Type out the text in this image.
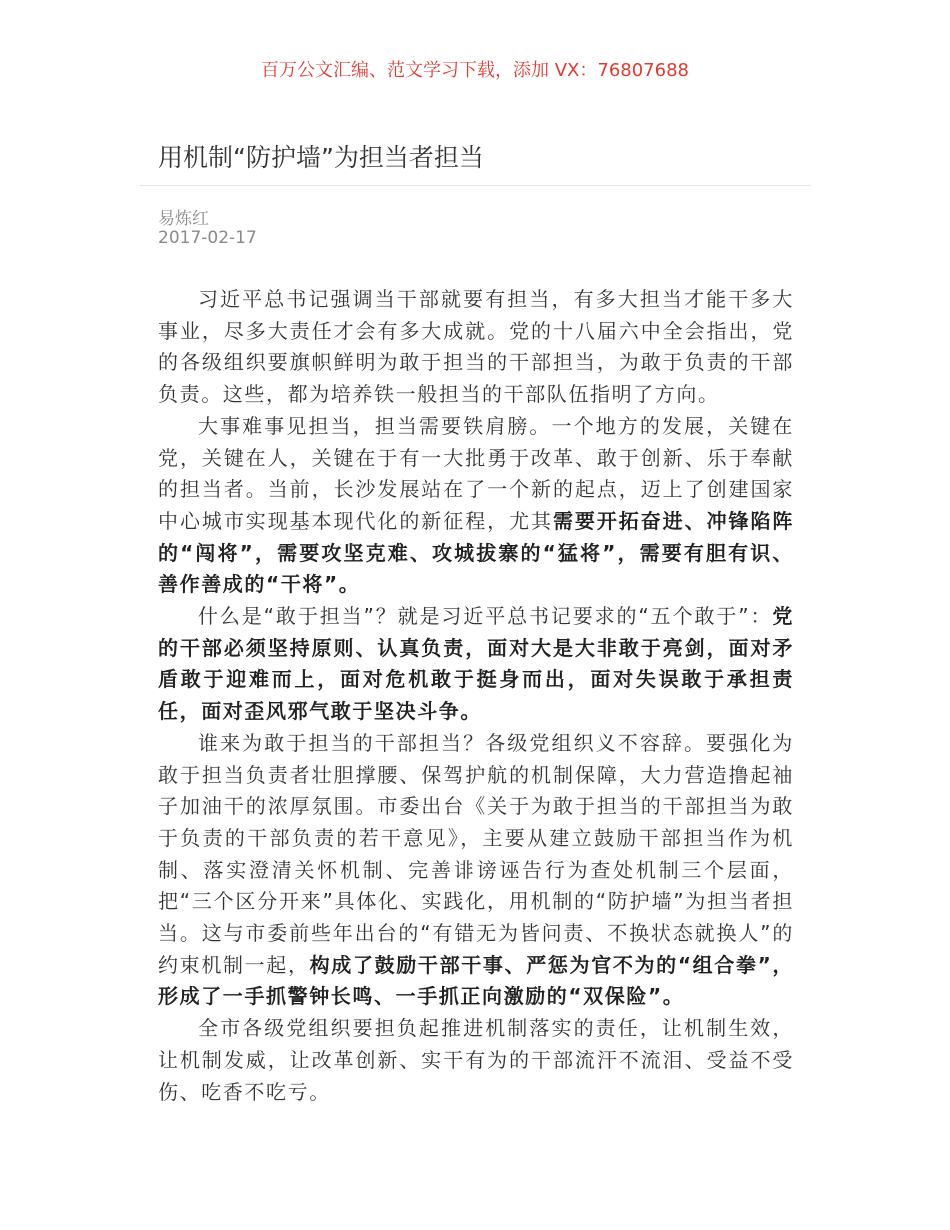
百万公文汇编、范文学习下载，添加 VX：76807688
用机制“防护墙”为担当者担当
易炼红
2017-02-17

习近平总书记强调当干部就要有担当，有多大担当才能干多大事业，尽多大责任才会有多大成就。党的十八届六中全会指出，党的各级组织要旗帜鲜明为敢于担当的干部担当，为敢于负责的干部负责。这些，都为培养铁一般担当的干部队伍指明了方向。

大事难事见担当，担当需要铁肩膀。一个地方的发展，关键在党，关键在人，关键在于有一大批勇于改革、敢于创新、乐于奉献的担当者。当前，长沙发展站在了一个新的起点，迈上了创建国家中心城市实现基本现代化的新征程，尤其需要开拓奋进、冲锋陷阵的“闯将”，需要攻坚克难、攻城拔寨的“猛将”，需要有胆有识、善作善成的“干将”。

什么是“敢于担当”？就是习近平总书记要求的“五个敢于”：党的干部必须坚持原则、认真负责，面对大是大非敢于亮剑，面对矛盾敢于迎难而上，面对危机敢于挺身而出，面对失误敢于承担责任，面对歪风邪气敢于坚决斗争。

谁来为敢于担当的干部担当？各级党组织义不容辞。要强化为敢于担当负责者壮胆撑腰、保驾护航的机制保障，大力营造撸起袖子加油干的浓厚氛围。市委出台《关于为敢于担当的干部担当为敢于负责的干部负责的若干意见》，主要从建立鼓励干部担当作为机制、落实澄清关怀机制、完善诽谤诬告行为查处机制三个层面，把“三个区分开来”具体化、实践化，用机制的“防护墙”为担当者担当。这与市委前些年出台的“有错无为皆问责、不换状态就换人”的约束机制一起，构成了鼓励干部干事、严惩为官不为的“组合拳”，形成了一手抓警钟长鸣、一手抓正向激励的“双保险”。

全市各级党组织要担负起推进机制落实的责任，让机制生效，让机制发威，让改革创新、实干有为的干部流汗不流泪、受益不受伤、吃香不吃亏。
